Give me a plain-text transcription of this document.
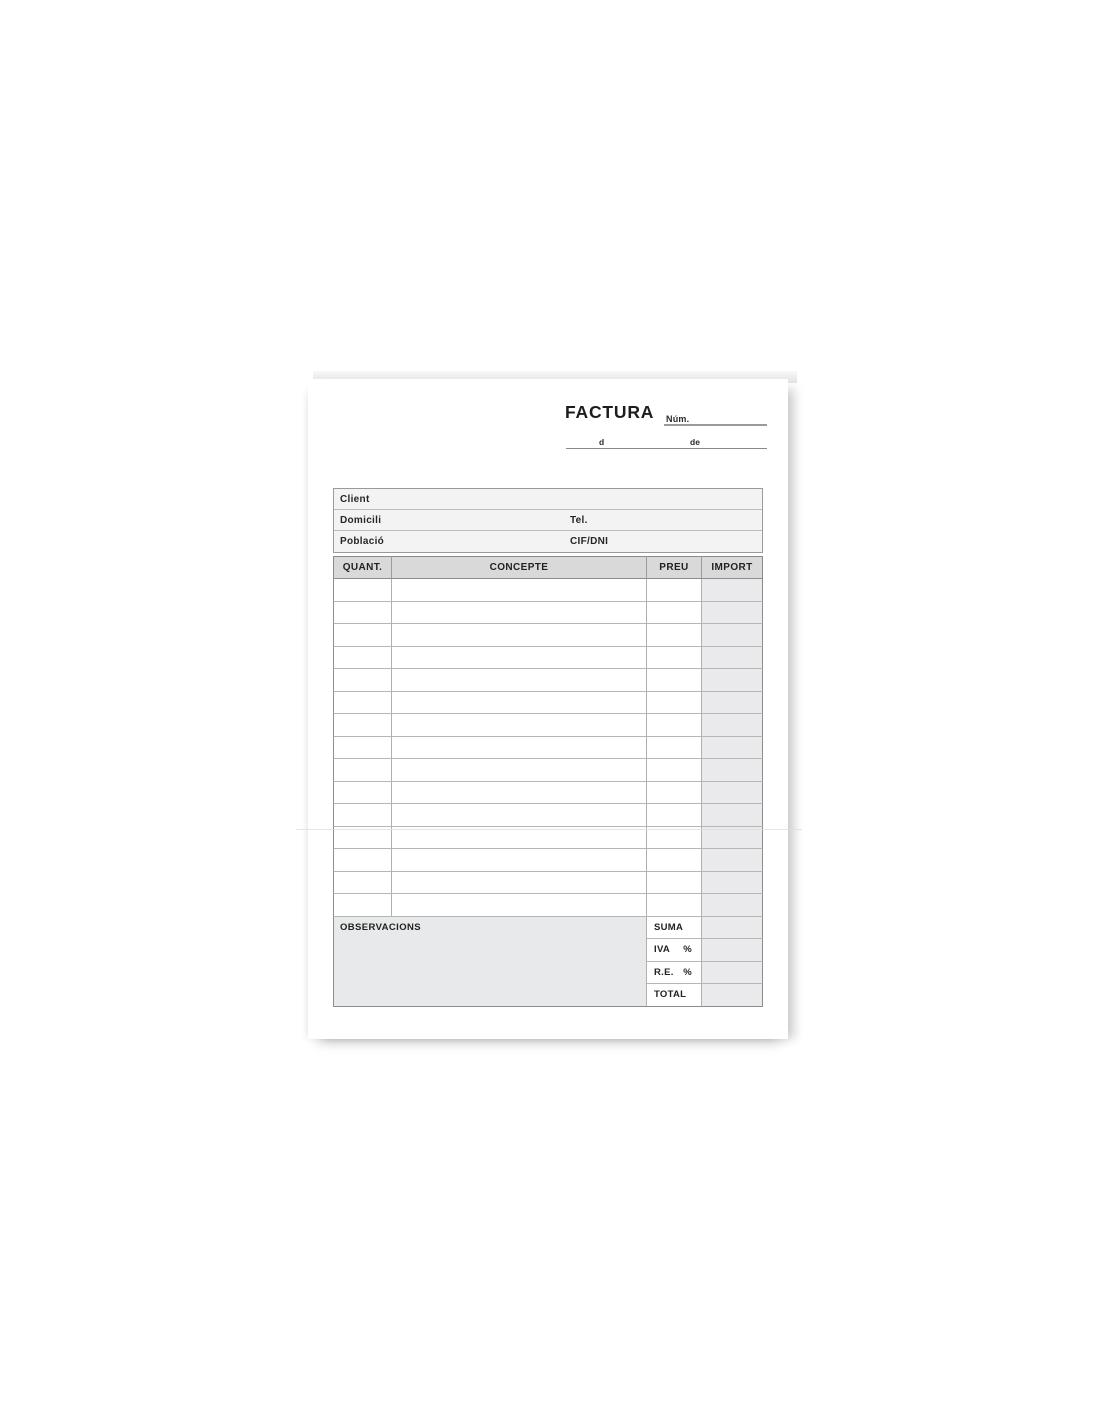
FACTURA Núm.
d	de
Client
Domicili	Tel.
Població	CIF/DNI
QUANT.	CONCEPTE	PREU	IMPORT
OBSERVACIONS	SUMA
IVA %
R.E. %
TOTAL
